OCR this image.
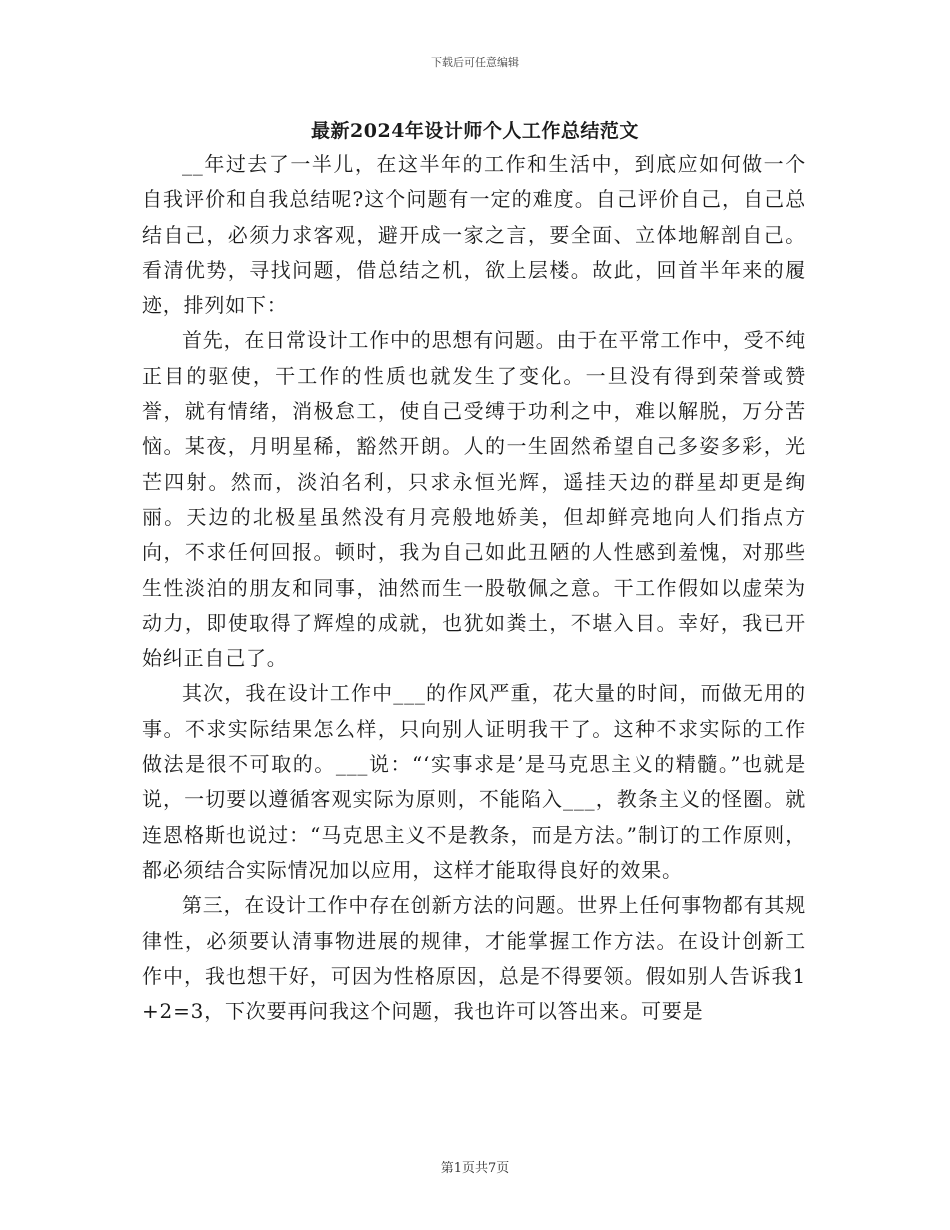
下载后可任意编辑
最新2024年设计师个人工作总结范文

__年过去了一半儿，在这半年的工作和生活中，到底应如何做一个自我评价和自我总结呢?这个问题有一定的难度。自己评价自己，自己总结自己，必须力求客观，避开成一家之言，要全面、立体地解剖自己。看清优势，寻找问题，借总结之机，欲上层楼。故此，回首半年来的履迹，排列如下：

首先，在日常设计工作中的思想有问题。由于在平常工作中，受不纯正目的驱使，干工作的性质也就发生了变化。一旦没有得到荣誉或赞誉，就有情绪，消极怠工，使自己受缚于功利之中，难以解脱，万分苦恼。某夜，月明星稀，豁然开朗。人的一生固然希望自己多姿多彩，光芒四射。然而，淡泊名利，只求永恒光辉，遥挂天边的群星却更是绚丽。天边的北极星虽然没有月亮般地娇美，但却鲜亮地向人们指点方向，不求任何回报。顿时，我为自己如此丑陋的人性感到羞愧，对那些生性淡泊的朋友和同事，油然而生一股敬佩之意。干工作假如以虚荣为动力，即使取得了辉煌的成就，也犹如粪土，不堪入目。幸好，我已开始纠正自己了。

其次，我在设计工作中___的作风严重，花大量的时间，而做无用的事。不求实际结果怎么样，只向别人证明我干了。这种不求实际的工作做法是很不可取的。___说：“‘实事求是’是马克思主义的精髓。”也就是说，一切要以遵循客观实际为原则，不能陷入___，教条主义的怪圈。就连恩格斯也说过：“马克思主义不是教条，而是方法。”制订的工作原则，都必须结合实际情况加以应用，这样才能取得良好的效果。

第三，在设计工作中存在创新方法的问题。世界上任何事物都有其规律性，必须要认清事物进展的规律，才能掌握工作方法。在设计创新工作中，我也想干好，可因为性格原因，总是不得要领。假如别人告诉我1+2=3，下次要再问我这个问题，我也许可以答出来。可要是

第1页共7页
